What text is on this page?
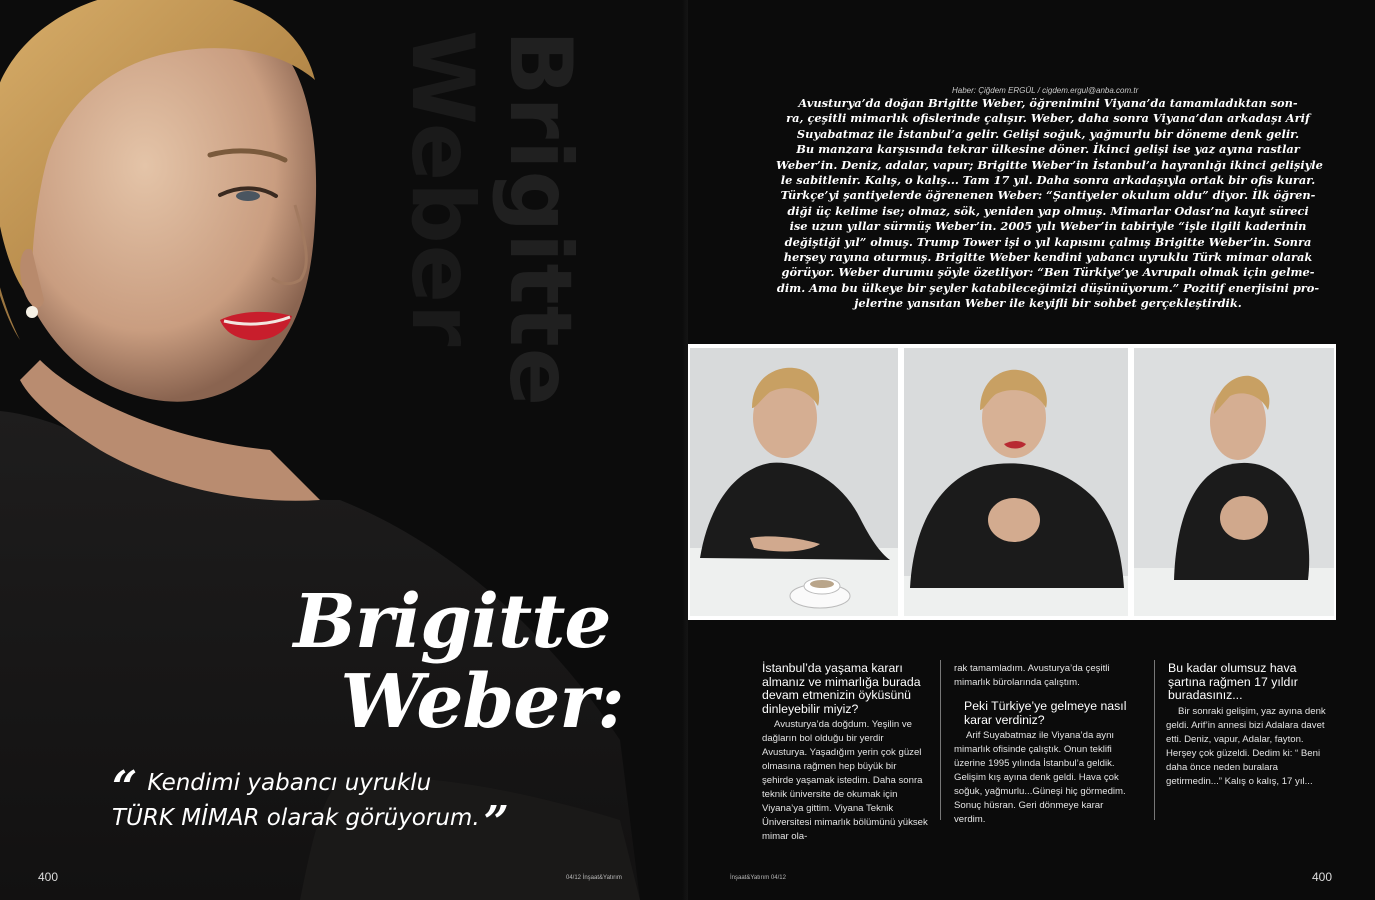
Brigitte
Weber
Brigitte
Weber:
“ Kendimi yabancı uyruklu
TÜRK MİMAR olarak görüyorum.”
400	04/12 İnşaat&Yatırım
Haber: Çiğdem ERGÜL / cigdem.ergul@anba.com.tr
Avusturya’da doğan Brigitte Weber, öğrenimini Viyana’da tamamladıktan son-
ra, çeşitli mimarlık ofislerinde çalışır. Weber, daha sonra Viyana’dan arkadaşı Arif
Suyabatmaz ile İstanbul’a gelir. Gelişi soğuk, yağmurlu bir döneme denk gelir.
Bu manzara karşısında tekrar ülkesine döner. İkinci gelişi ise yaz ayına rastlar
Weber’in. Deniz, adalar, vapur; Brigitte Weber’in İstanbul’a hayranlığı ikinci gelişiyle
le sabitlenir. Kalış, o kalış... Tam 17 yıl. Daha sonra arkadaşıyla ortak bir ofis kurar.
Türkçe’yi şantiyelerde öğrenenen Weber: “Şantiyeler okulum oldu” diyor. İlk öğren-
diği üç kelime ise; olmaz, sök, yeniden yap olmuş. Mimarlar Odası’na kayıt süreci
ise uzun yıllar sürmüş Weber’in. 2005 yılı Weber’in tabiriyle “işle ilgili kaderinin
değiştiği yıl” olmuş. Trump Tower işi o yıl kapısını çalmış Brigitte Weber’in. Sonra
herşey rayına oturmuş. Brigitte Weber kendini yabancı uyruklu Türk mimar olarak
görüyor. Weber durumu şöyle özetliyor: “Ben Türkiye’ye Avrupalı olmak için gelme-
dim. Ama bu ülkeye bir şeyler katabileceğimizi düşünüyorum.” Pozitif enerjisini pro-
jelerine yansıtan Weber ile keyifli bir sohbet gerçekleştirdik.
İstanbul’da yaşama kararı almanız ve mimarlığa burada devam etmenizin öyküsünü dinleyebilir miyiz?

Avusturya’da doğdum. Yeşilin ve dağların bol olduğu bir yerdir Avusturya. Yaşadığım yerin çok güzel olmasına rağmen hep büyük bir şehirde yaşamak istedim. Daha sonra teknik üniversite de okumak için Viyana’ya gittim. Viyana Teknik Üniversitesi mimarlık bölümünü yüksek mimar ola-

rak tamamladım. Avusturya’da çeşitli mimarlık bürolarında çalıştım.

Peki Türkiye’ye gelmeye nasıl karar verdiniz?

Arif Suyabatmaz ile Viyana’da aynı mimarlık ofisinde çalıştık. Onun teklifi üzerine 1995 yılında İstanbul’a geldik. Gelişim kış ayına denk geldi. Hava çok soğuk, yağmurlu...Güneşi hiç görmedim. Sonuç hüsran. Geri dönmeye karar verdim.

Bu kadar olumsuz hava şartına rağmen 17 yıldır buradasınız...

Bir sonraki gelişim, yaz ayına denk geldi. Arif’in annesi bizi Adalara davet etti. Deniz, vapur, Adalar, fayton. Herşey çok güzeldi. Dedim ki: “ Beni daha önce neden buralara getirmedin...” Kalış o kalış, 17 yıl...

İnşaat&Yatırım 04/12	400
